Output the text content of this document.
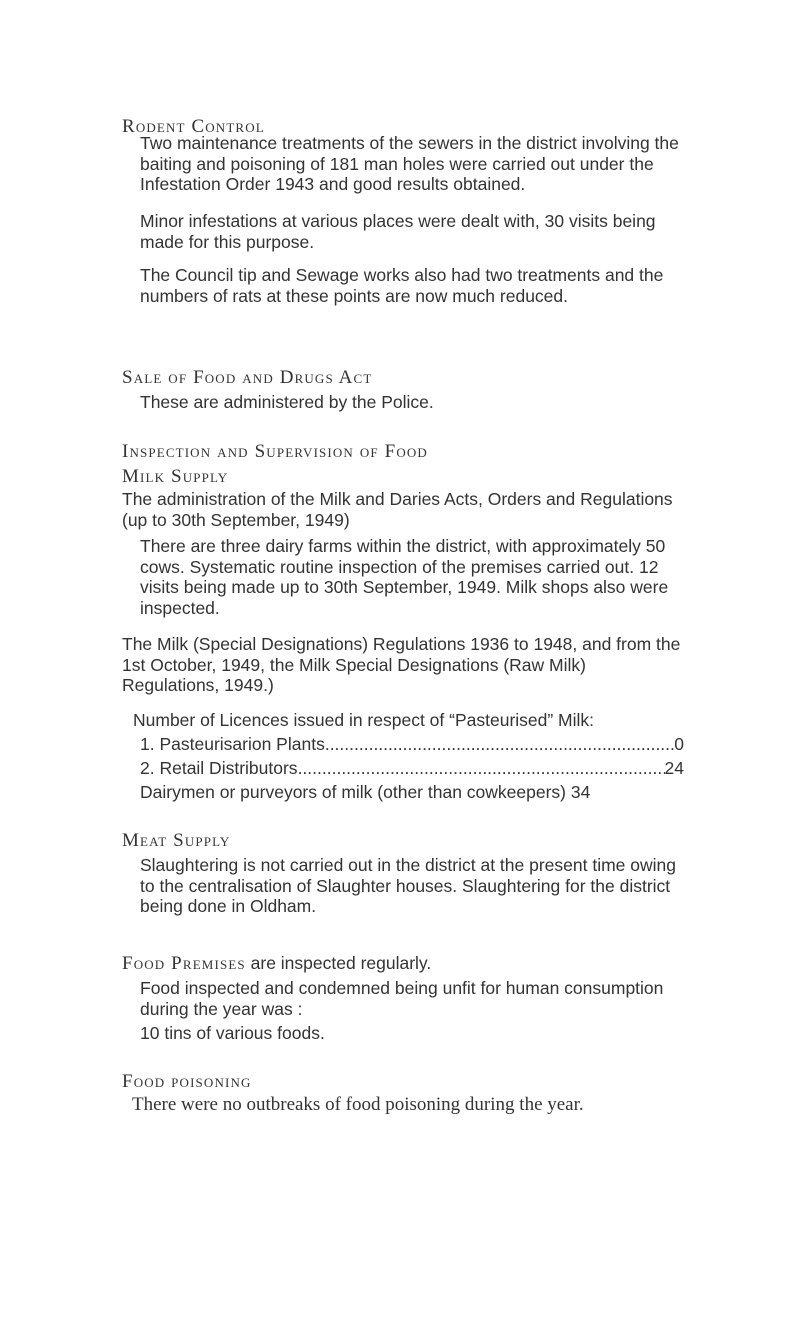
Rodent Control
Two maintenance treatments of the sewers in the district involving the baiting and poisoning of 181 man holes were carried out under the Infestation Order 1943 and good results obtained.
Minor infestations at various places were dealt with, 30 visits being made for this purpose.
The Council tip and Sewage works also had two treatments and the numbers of rats at these points are now much reduced.
Sale of Food and Drugs Act
These are administered by the Police.
Inspection and Supervision of Food
Milk Supply
The administration of the Milk and Daries Acts, Orders and Regulations (up to 30th September, 1949)
There are three dairy farms within the district, with approximately 50 cows. Systematic routine inspection of the premises carried out. 12 visits being made up to 30th September, 1949. Milk shops also were inspected.
The Milk (Special Designations) Regulations 1936 to 1948, and from the 1st October, 1949, the Milk Special Designations (Raw Milk) Regulations, 1949.)
Number of Licences issued in respect of “Pasteurised” Milk:
1. Pasteurisarion Plants .....	0
2. Retail Distributors .....	24
Dairymen or purveyors of milk (other than cowkeepers) 34
Meat Supply
Slaughtering is not carried out in the district at the present time owing to the centralisation of Slaughter houses. Slaughtering for the district being done in Oldham.
Food Premises are inspected regularly.
Food inspected and condemned being unfit for human consumption during the year was :
10 tins of various foods.
Food poisoning
There were no outbreaks of food poisoning during the year.
